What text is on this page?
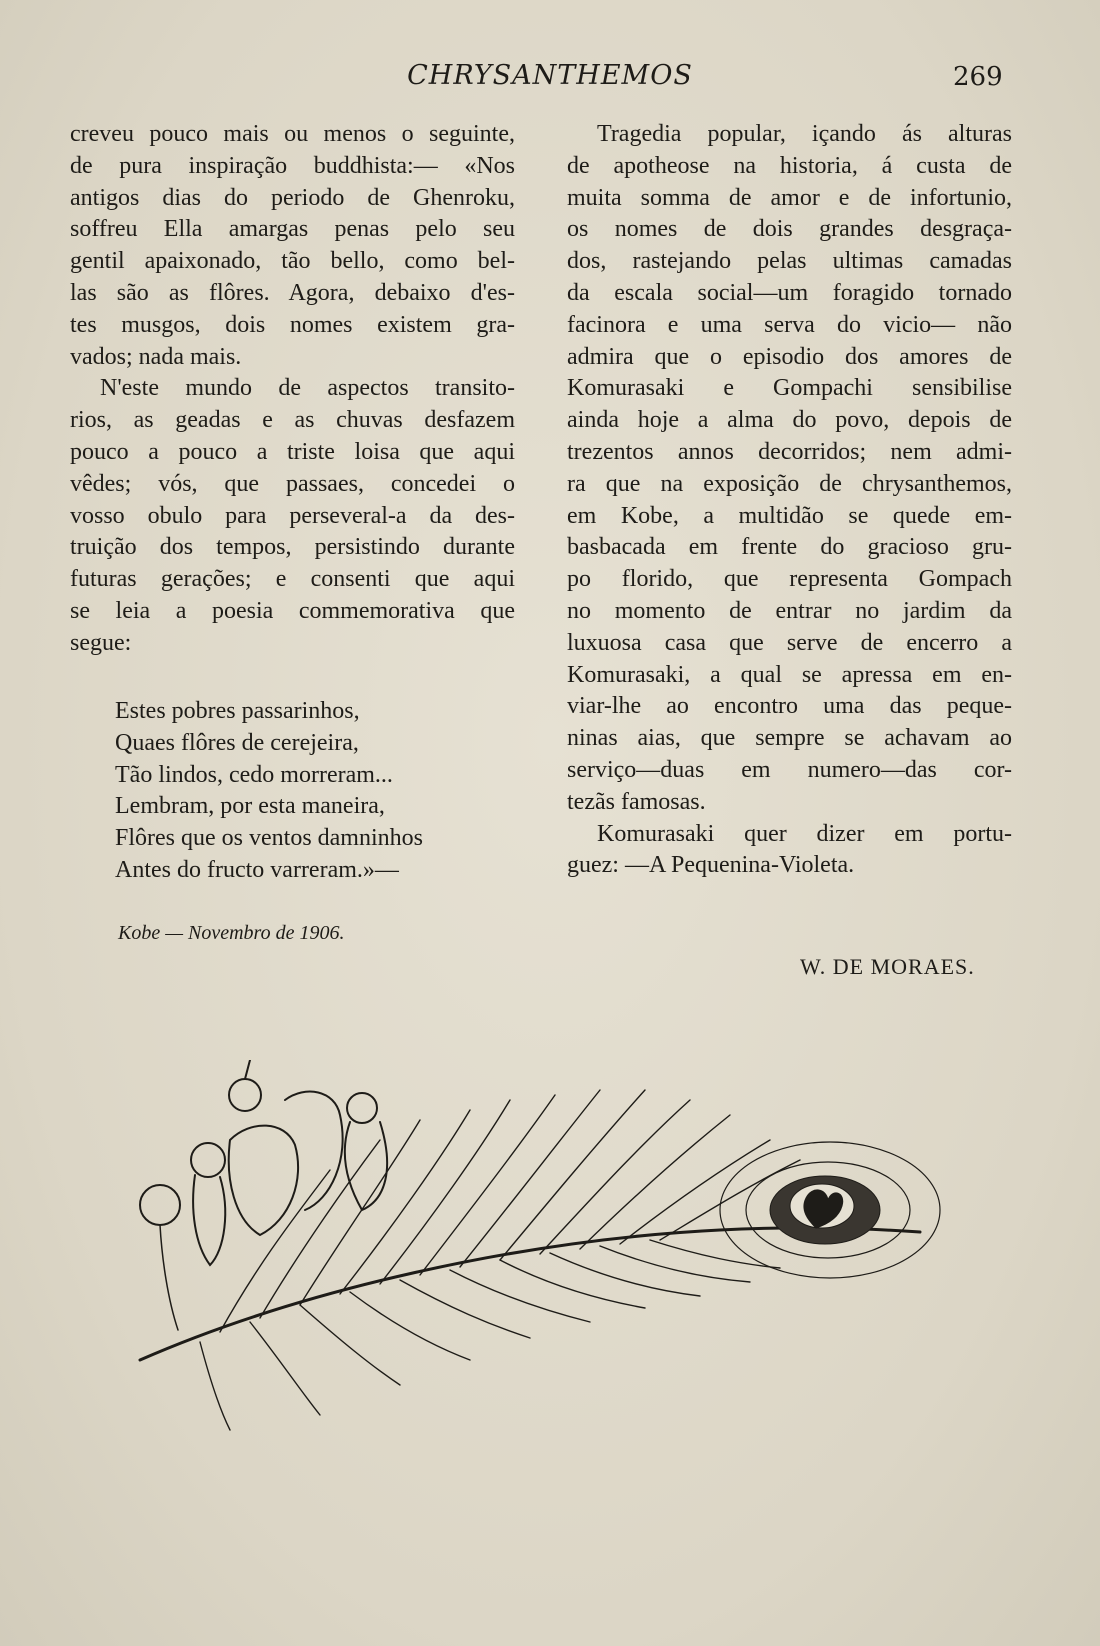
CHRYSANTHEMOS	269
creveu pouco mais ou menos o seguinte,
de pura inspiração buddhista:— «Nos
antigos dias do periodo de Ghenroku,
soffreu Ella amargas penas pelo seu
gentil apaixonado, tão bello, como bel-
las são as flôres. Agora, debaixo d'es-
tes musgos, dois nomes existem gra-
vados; nada mais.
N'este mundo de aspectos transito-
rios, as geadas e as chuvas desfazem
pouco a pouco a triste loisa que aqui
vêdes; vós, que passaes, concedei o
vosso obulo para perseveral-a da des-
truição dos tempos, persistindo durante
futuras gerações; e consenti que aqui
se leia a poesia commemorativa que
segue:
Estes pobres passarinhos,
Quaes flôres de cerejeira,
Tão lindos, cedo morreram...
Lembram, por esta maneira,
Flôres que os ventos damninhos
Antes do fructo varreram.»—
Kobe — Novembro de 1906.
Tragedia popular, içando ás alturas
de apotheose na historia, á custa de
muita somma de amor e de infortunio,
os nomes de dois grandes desgraça-
dos, rastejando pelas ultimas camadas
da escala social—um foragido tornado
facinora e uma serva do vicio— não
admira que o episodio dos amores de
Komurasaki e Gompachi sensibilise
ainda hoje a alma do povo, depois de
trezentos annos decorridos; nem admi-
ra que na exposição de chrysanthemos,
em Kobe, a multidão se quede em-
basbacada em frente do gracioso gru-
po florido, que representa Gompach
no momento de entrar no jardim da
luxuosa casa que serve de encerro a
Komurasaki, a qual se apressa em en-
viar-lhe ao encontro uma das peque-
ninas aias, que sempre se achavam ao
serviço—duas em numero—das cor-
tezãs famosas.
Komurasaki quer dizer em portu-
guez: —A Pequenina-Violeta.
W. DE MORAES.
